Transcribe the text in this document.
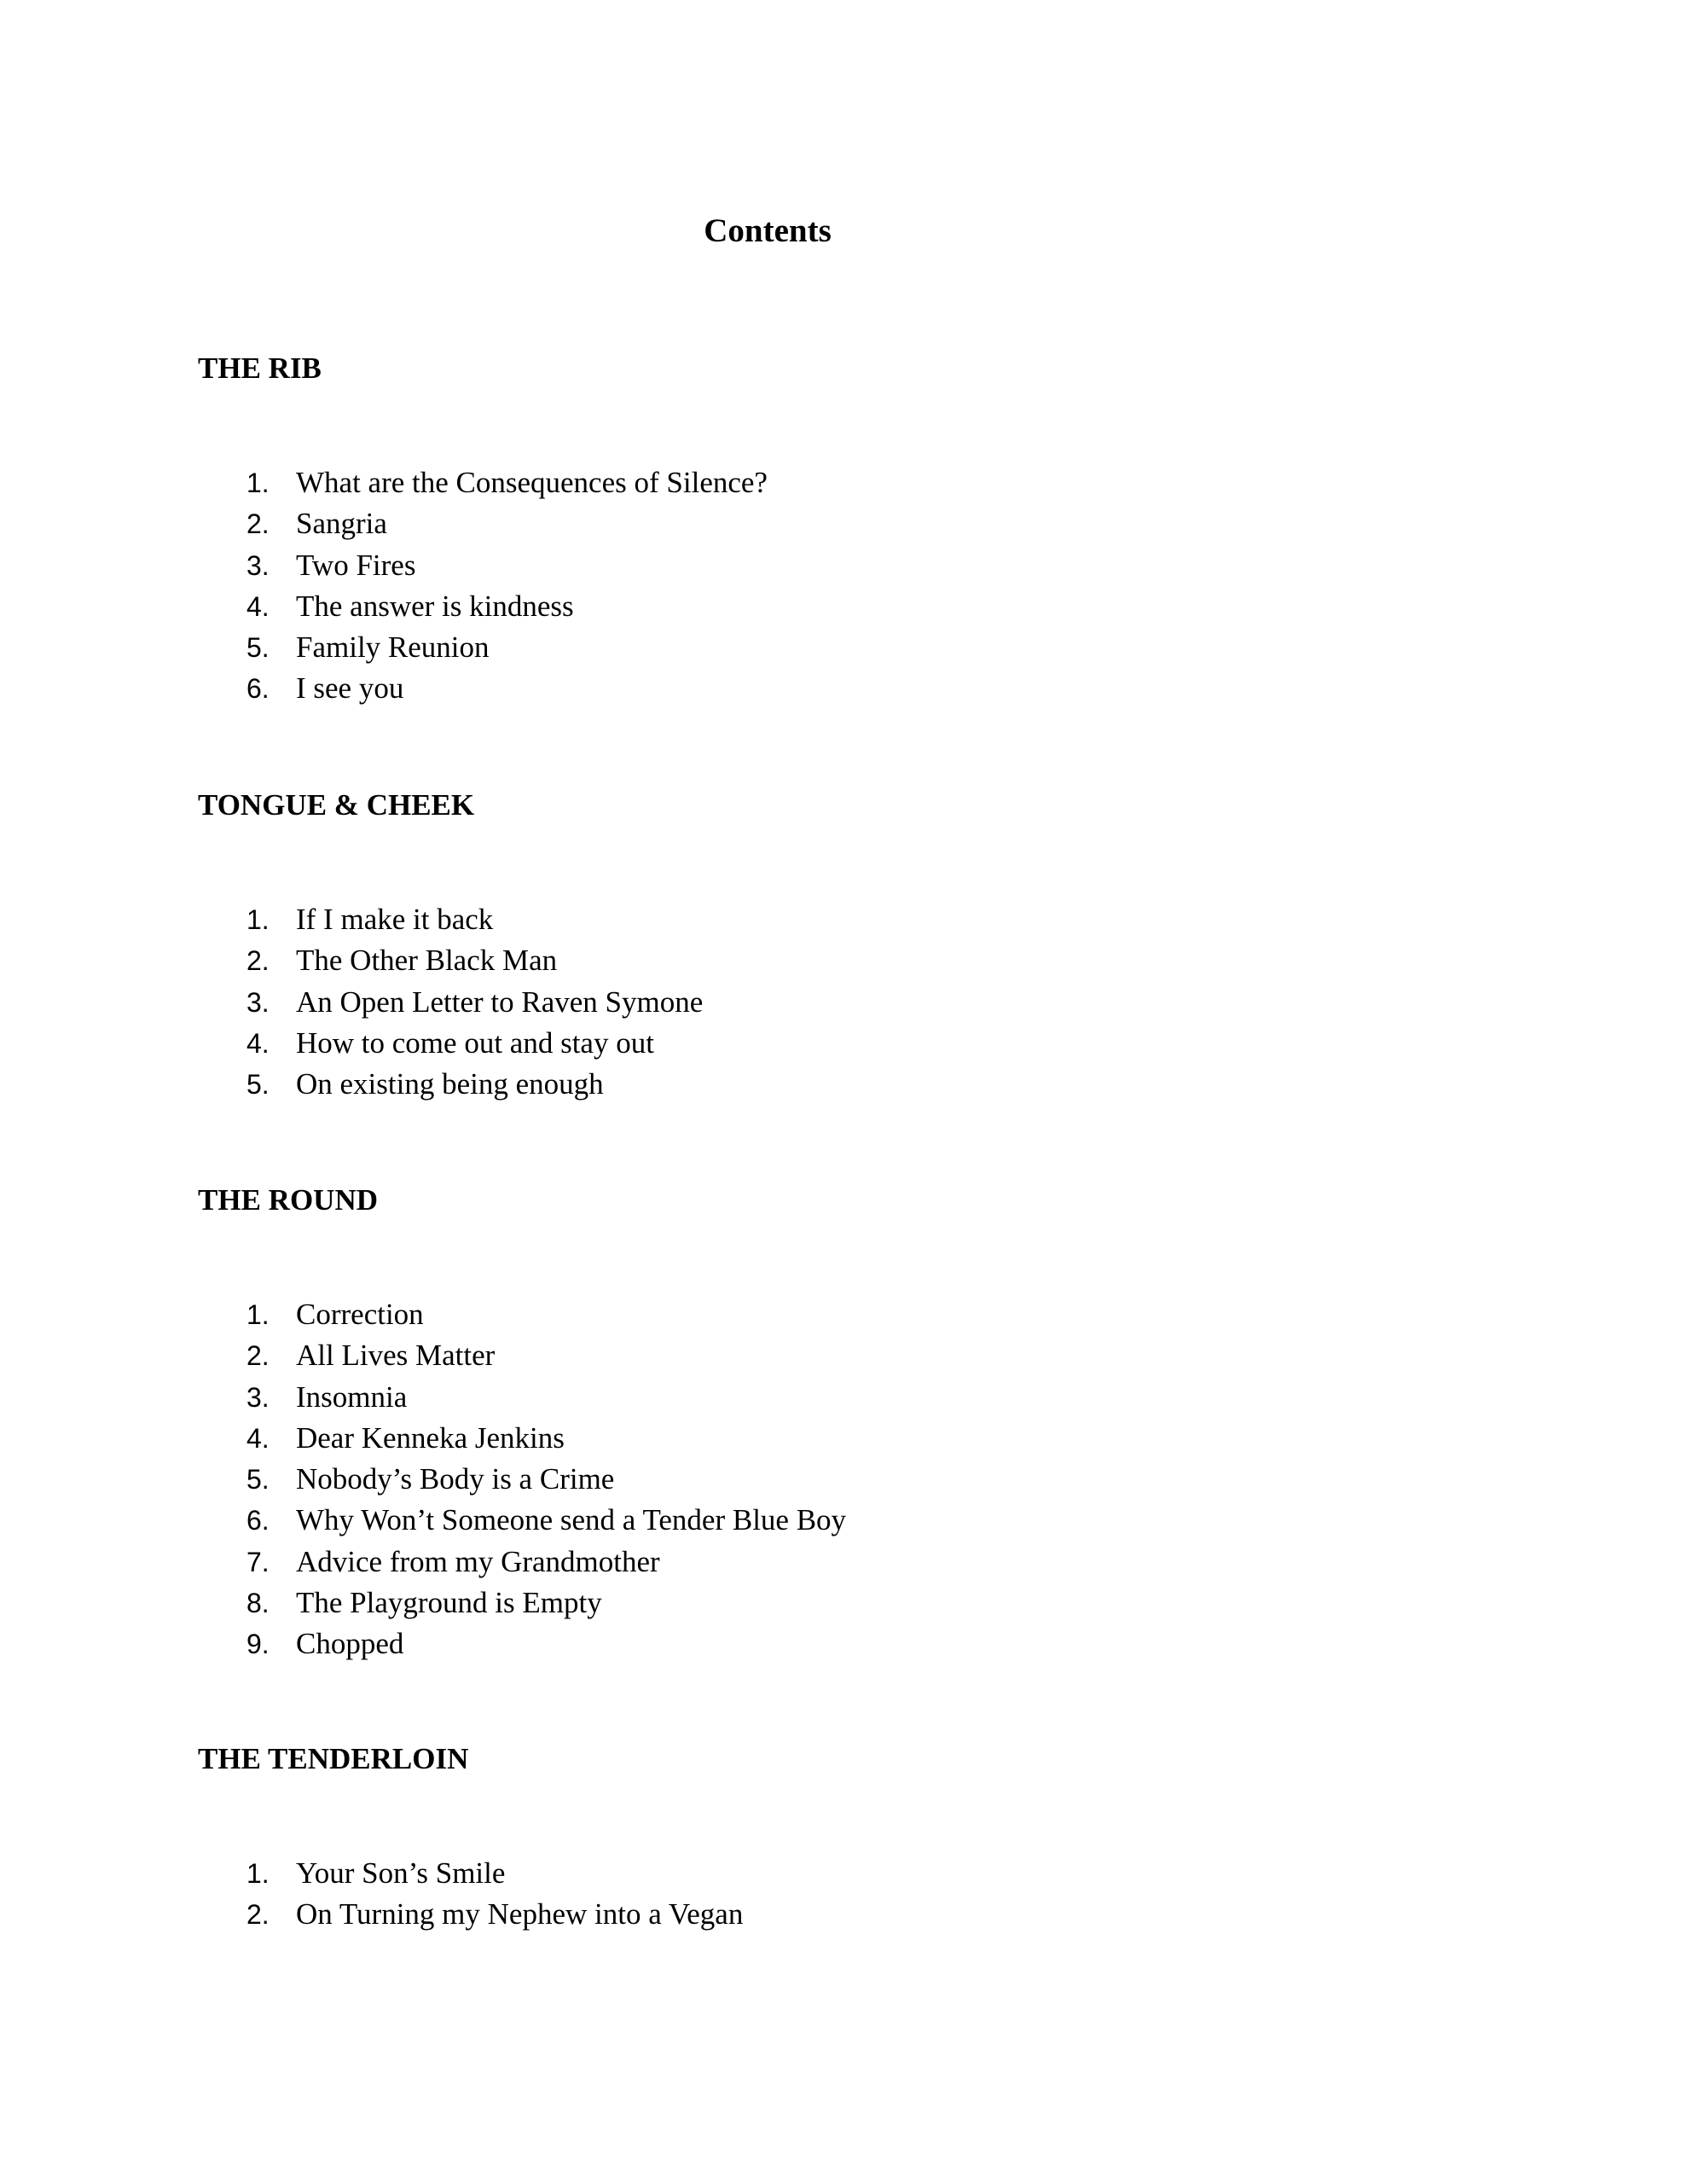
Contents
THE RIB
1. What are the Consequences of Silence?
2. Sangria
3. Two Fires
4. The answer is kindness
5. Family Reunion
6. I see you
TONGUE & CHEEK
1. If I make it back
2. The Other Black Man
3. An Open Letter to Raven Symone
4. How to come out and stay out
5. On existing being enough
THE ROUND
1. Correction
2. All Lives Matter
3. Insomnia
4. Dear Kenneka Jenkins
5. Nobody’s Body is a Crime
6. Why Won’t Someone send a Tender Blue Boy
7. Advice from my Grandmother
8. The Playground is Empty
9. Chopped
THE TENDERLOIN
1. Your Son’s Smile
2. On Turning my Nephew into a Vegan
